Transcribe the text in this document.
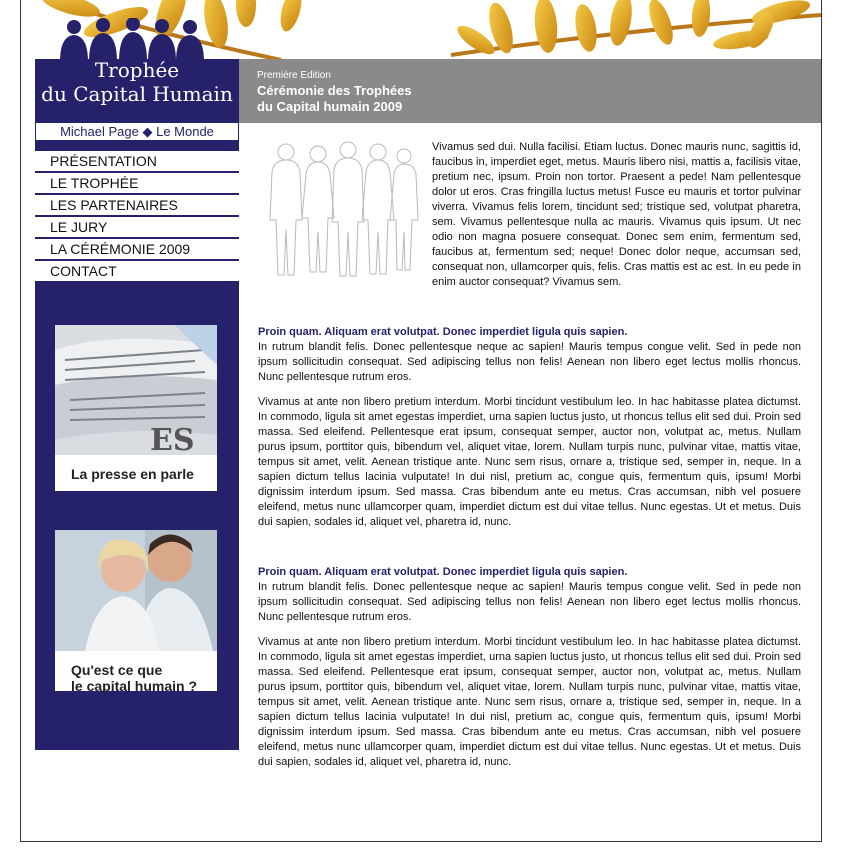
Trophée
du Capital Humain
Michael Page ◆ Le Monde
Première Edition
Cérémonie des Trophées
du Capital humain 2009
PRÉSENTATION
LE TROPHÉE
LES PARTENAIRES
LE JURY
LA CÉRÉMONIE 2009
CONTACT
ES
La presse en parle
Qu'est ce que
le capital humain ?
Vivamus sed dui. Nulla facilisi. Etiam luctus. Donec mauris nunc, sagittis id, faucibus in, imperdiet eget, metus. Mauris libero nisi, mattis a, facilisis vitae, pretium nec, ipsum. Proin non tortor. Praesent a pede! Nam pellentesque dolor ut eros. Cras fringilla luctus metus! Fusce eu mauris et tortor pulvinar viverra. Vivamus felis lorem, tincidunt sed; tristique sed, volutpat pharetra, sem. Vivamus pellentesque nulla ac mauris. Vivamus quis ipsum. Ut nec odio non magna posuere consequat. Donec sem enim, fermentum sed, faucibus at, fermentum sed; neque! Donec dolor neque, accumsan sed, consequat non, ullamcorper quis, felis. Cras mattis est ac est. In eu pede in enim auctor consequat? Vivamus sem.
Proin quam. Aliquam erat volutpat. Donec imperdiet ligula quis sapien.

In rutrum blandit felis. Donec pellentesque neque ac sapien! Mauris tempus congue velit. Sed in pede non ipsum sollicitudin consequat. Sed adipiscing tellus non felis! Aenean non libero eget lectus mollis rhoncus. Nunc pellentesque rutrum eros.

Vivamus at ante non libero pretium interdum. Morbi tincidunt vestibulum leo. In hac habitasse platea dictumst. In commodo, ligula sit amet egestas imperdiet, urna sapien luctus justo, ut rhoncus tellus elit sed dui. Proin sed massa. Sed eleifend. Pellentesque erat ipsum, consequat semper, auctor non, volutpat ac, metus. Nullam purus ipsum, porttitor quis, bibendum vel, aliquet vitae, lorem. Nullam turpis nunc, pulvinar vitae, mattis vitae, tempus sit amet, velit. Aenean tristique ante. Nunc sem risus, ornare a, tristique sed, semper in, neque. In a sapien dictum tellus lacinia vulputate! In dui nisl, pretium ac, congue quis, fermentum quis, ipsum! Morbi dignissim interdum ipsum. Sed massa. Cras bibendum ante eu metus. Cras accumsan, nibh vel posuere eleifend, metus nunc ullamcorper quam, imperdiet dictum est dui vitae tellus. Nunc egestas. Ut et metus. Duis dui sapien, sodales id, aliquet vel, pharetra id, nunc.

Proin quam. Aliquam erat volutpat. Donec imperdiet ligula quis sapien.

In rutrum blandit felis. Donec pellentesque neque ac sapien! Mauris tempus congue velit. Sed in pede non ipsum sollicitudin consequat. Sed adipiscing tellus non felis! Aenean non libero eget lectus mollis rhoncus. Nunc pellentesque rutrum eros.

Vivamus at ante non libero pretium interdum. Morbi tincidunt vestibulum leo. In hac habitasse platea dictumst. In commodo, ligula sit amet egestas imperdiet, urna sapien luctus justo, ut rhoncus tellus elit sed dui. Proin sed massa. Sed eleifend. Pellentesque erat ipsum, consequat semper, auctor non, volutpat ac, metus. Nullam purus ipsum, porttitor quis, bibendum vel, aliquet vitae, lorem. Nullam turpis nunc, pulvinar vitae, mattis vitae, tempus sit amet, velit. Aenean tristique ante. Nunc sem risus, ornare a, tristique sed, semper in, neque. In a sapien dictum tellus lacinia vulputate! In dui nisl, pretium ac, congue quis, fermentum quis, ipsum! Morbi dignissim interdum ipsum. Sed massa. Cras bibendum ante eu metus. Cras accumsan, nibh vel posuere eleifend, metus nunc ullamcorper quam, imperdiet dictum est dui vitae tellus. Nunc egestas. Ut et metus. Duis dui sapien, sodales id, aliquet vel, pharetra id, nunc.
